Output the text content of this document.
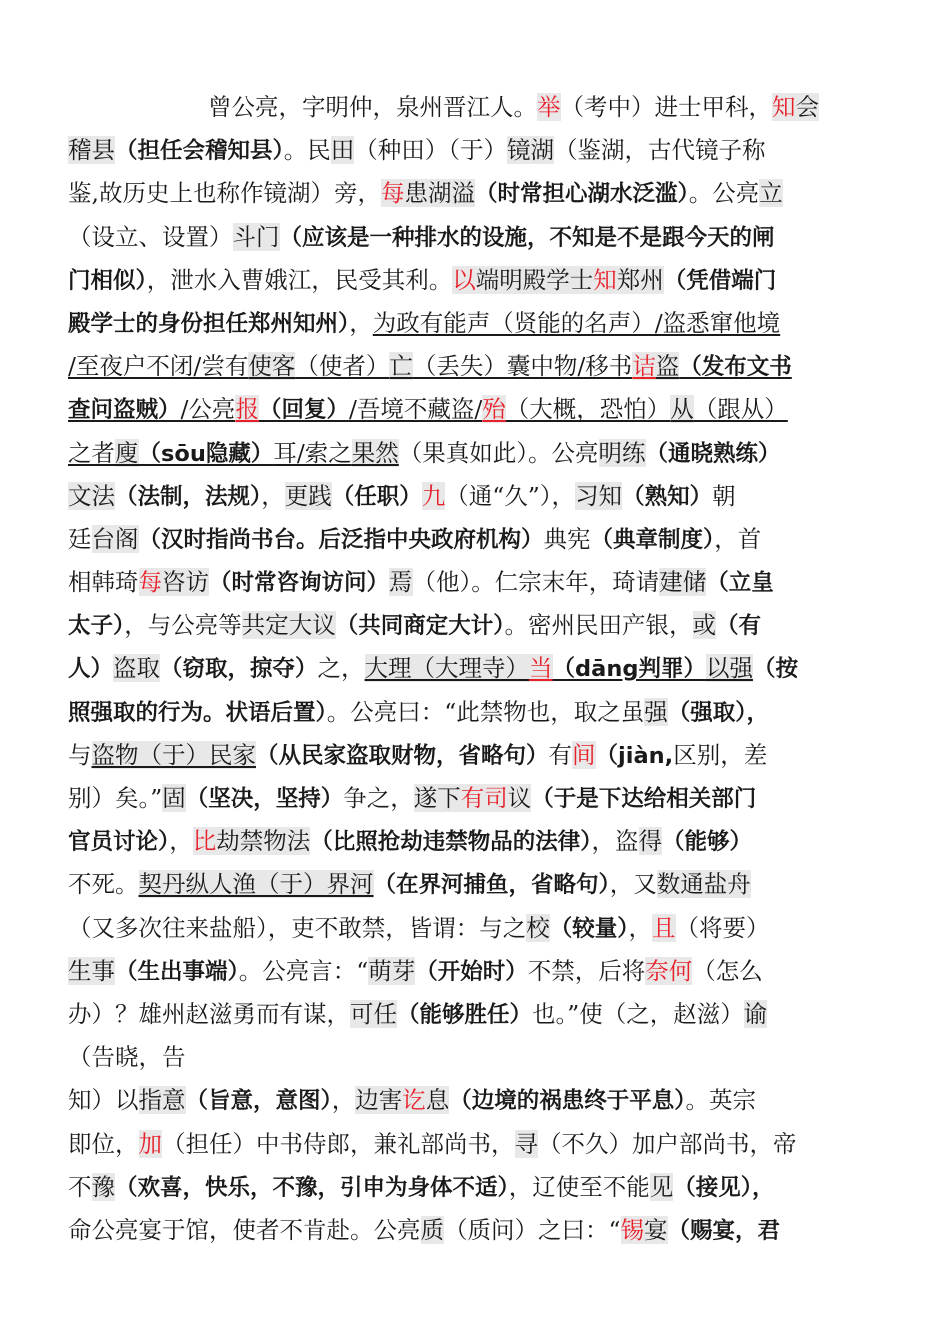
曾公亮，字明仲，泉州晋江人。举（考中）进士甲科，知会
稽县（担任会稽知县）。民田（种田）（于）镜湖（鉴湖，古代镜子称
鉴,故历史上也称作镜湖）旁，每患湖溢（时常担心湖水泛滥）。公亮立
（设立、设置）斗门（应该是一种排水的设施，不知是不是跟今天的闸
门相似），泄水入曹娥江，民受其利。以端明殿学士知郑州（凭借端门
殿学士的身份担任郑州知州），为政有能声（贤能的名声）/盗悉窜他境
/至夜户不闭/尝有使客（使者）亡（丢失）囊中物/移书诘盗（发布文书
查问盗贼）/公亮报（回复）/吾境不藏盗/殆（大概，恐怕）从（跟从）
之者廋（sōu隐藏）耳/索之果然（果真如此）。公亮明练（通晓熟练）
文法（法制，法规），更践（任职）九（通“久”），习知（熟知）朝
廷台阁（汉时指尚书台。后泛指中央政府机构）典宪（典章制度），首
相韩琦每咨访（时常咨询访问）焉（他）。仁宗末年，琦请建储（立皇
太子），与公亮等共定大议（共同商定大计）。密州民田产银，或（有
人）盗取（窃取，掠夺）之，大理（大理寺）当（dāng判罪）以强（按
照强取的行为。状语后置）。公亮曰：“此禁物也，取之虽强（强取），
与盗物（于）民家（从民家盗取财物，省略句）有间（jiàn,区别，差
别）矣。”固（坚决，坚持）争之，遂下有司议（于是下达给相关部门
官员讨论），比劫禁物法（比照抢劫违禁物品的法律），盗得（能够）
不死。契丹纵人渔（于）界河（在界河捕鱼，省略句），又数通盐舟
（又多次往来盐船），吏不敢禁，皆谓：与之校（较量），且（将要）
生事（生出事端）。公亮言：“萌芽（开始时）不禁，后将奈何（怎么
办）？雄州赵滋勇而有谋，可任（能够胜任）也。”使（之，赵滋）谕
（告晓，告
知）以指意（旨意，意图），边害讫息（边境的祸患终于平息）。英宗
即位，加（担任）中书侍郎，兼礼部尚书，寻（不久）加户部尚书，帝
不豫（欢喜，快乐，不豫，引申为身体不适），辽使至不能见（接见），
命公亮宴于馆，使者不肯赴。公亮质（质问）之曰：“锡宴（赐宴，君
